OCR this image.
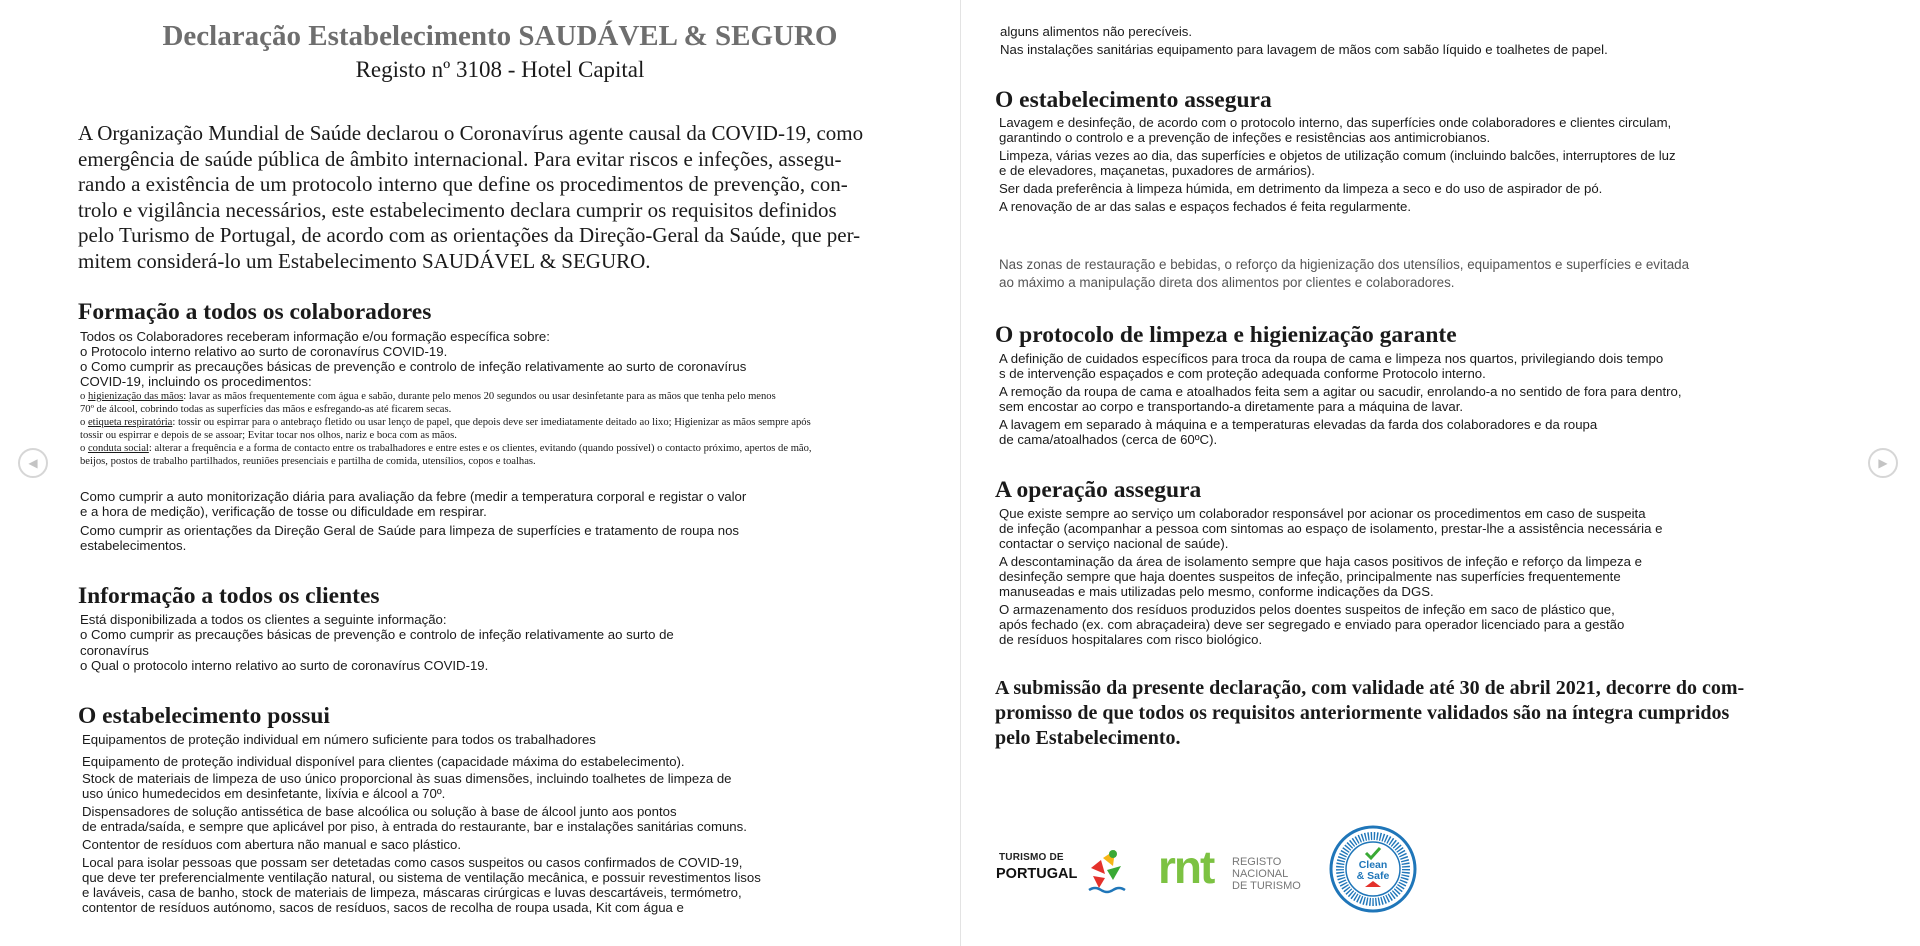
◀	▶
Declaração Estabelecimento SAUDÁVEL & SEGURO
Registo nº 3108 - Hotel Capital
A Organização Mundial de Saúde declarou o Coronavírus agente causal da COVID-19, como
emergência de saúde pública de âmbito internacional. Para evitar riscos e infeções, assegu-
rando a existência de um protocolo interno que define os procedimentos de prevenção, con-
trolo e vigilância necessários, este estabelecimento declara cumprir os requisitos definidos
pelo Turismo de Portugal, de acordo com as orientações da Direção-Geral da Saúde, que per-
mitem considerá-lo um Estabelecimento SAUDÁVEL & SEGURO.
Formação a todos os colaboradores
Todos os Colaboradores receberam informação e/ou formação específica sobre:
o Protocolo interno relativo ao surto de coronavírus COVID-19.
o Como cumprir as precauções básicas de prevenção e controlo de infeção relativamente ao surto de coronavírus
COVID-19, incluindo os procedimentos:
o higienização das mãos: lavar as mãos frequentemente com água e sabão, durante pelo menos 20 segundos ou usar desinfetante para as mãos que tenha pelo menos
70º de álcool, cobrindo todas as superfícies das mãos e esfregando-as até ficarem secas.
o etiqueta respiratória: tossir ou espirrar para o antebraço fletido ou usar lenço de papel, que depois deve ser imediatamente deitado ao lixo; Higienizar as mãos sempre após
tossir ou espirrar e depois de se assoar; Evitar tocar nos olhos, nariz e boca com as mãos.
o conduta social: alterar a frequência e a forma de contacto entre os trabalhadores e entre estes e os clientes, evitando (quando possível) o contacto próximo, apertos de mão,
beijos, postos de trabalho partilhados, reuniões presenciais e partilha de comida, utensílios, copos e toalhas.
Como cumprir a auto monitorização diária para avaliação da febre (medir a temperatura corporal e registar o valor
e a hora de medição), verificação de tosse ou dificuldade em respirar.
Como cumprir as orientações da Direção Geral de Saúde para limpeza de superfícies e tratamento de roupa nos
estabelecimentos.
Informação a todos os clientes
Está disponibilizada a todos os clientes a seguinte informação:
o Como cumprir as precauções básicas de prevenção e controlo de infeção relativamente ao surto de
coronavírus
o Qual o protocolo interno relativo ao surto de coronavírus COVID-19.
O estabelecimento possui
Equipamentos de proteção individual em número suficiente para todos os trabalhadores
Equipamento de proteção individual disponível para clientes (capacidade máxima do estabelecimento).
Stock de materiais de limpeza de uso único proporcional às suas dimensões, incluindo toalhetes de limpeza de
uso único humedecidos em desinfetante, lixívia e álcool a 70º.
Dispensadores de solução antissética de base alcoólica ou solução à base de álcool junto aos pontos
de entrada/saída, e sempre que aplicável por piso, à entrada do restaurante, bar e instalações sanitárias comuns.
Contentor de resíduos com abertura não manual e saco plástico.
Local para isolar pessoas que possam ser detetadas como casos suspeitos ou casos confirmados de COVID-19,
que deve ter preferencialmente ventilação natural, ou sistema de ventilação mecânica, e possuir revestimentos lisos
e laváveis, casa de banho, stock de materiais de limpeza, máscaras cirúrgicas e luvas descartáveis, termómetro,
contentor de resíduos autónomo, sacos de resíduos, sacos de recolha de roupa usada, Kit com água e
alguns alimentos não perecíveis.
Nas instalações sanitárias equipamento para lavagem de mãos com sabão líquido e toalhetes de papel.
O estabelecimento assegura
Lavagem e desinfeção, de acordo com o protocolo interno, das superfícies onde colaboradores e clientes circulam,
garantindo o controlo e a prevenção de infeções e resistências aos antimicrobianos.
Limpeza, várias vezes ao dia, das superfícies e objetos de utilização comum (incluindo balcões, interruptores de luz
e de elevadores, maçanetas, puxadores de armários).
Ser dada preferência à limpeza húmida, em detrimento da limpeza a seco e do uso de aspirador de pó.
A renovação de ar das salas e espaços fechados é feita regularmente.
Nas zonas de restauração e bebidas, o reforço da higienização dos utensílios, equipamentos e superfícies e evitada
ao máximo a manipulação direta dos alimentos por clientes e colaboradores.
O protocolo de limpeza e higienização garante
A definição de cuidados específicos para troca da roupa de cama e limpeza nos quartos, privilegiando dois tempo
s de intervenção espaçados e com proteção adequada conforme Protocolo interno.
A remoção da roupa de cama e atoalhados feita sem a agitar ou sacudir, enrolando-a no sentido de fora para dentro,
sem encostar ao corpo e transportando-a diretamente para a máquina de lavar.
A lavagem em separado à máquina e a temperaturas elevadas da farda dos colaboradores e da roupa
de cama/atoalhados (cerca de 60ºC).
A operação assegura
Que existe sempre ao serviço um colaborador responsável por acionar os procedimentos em caso de suspeita
de infeção (acompanhar a pessoa com sintomas ao espaço de isolamento, prestar-lhe a assistência necessária e
contactar o serviço nacional de saúde).
A descontaminação da área de isolamento sempre que haja casos positivos de infeção e reforço da limpeza e
desinfeção sempre que haja doentes suspeitos de infeção, principalmente nas superfícies frequentemente
manuseadas e mais utilizadas pelo mesmo, conforme indicações da DGS.
O armazenamento dos resíduos produzidos pelos doentes suspeitos de infeção em saco de plástico que,
após fechado (ex. com abraçadeira) deve ser segregado e enviado para operador licenciado para a gestão
de resíduos hospitalares com risco biológico.
A submissão da presente declaração, com validade até 30 de abril 2021, decorre do com-
promisso de que todos os requisitos anteriormente validados são na íntegra cumpridos
pelo Estabelecimento.
TURISMO DE
PORTUGAL rnt REGISTO
NACIONAL
DE TURISMO
Clean
& Safe
